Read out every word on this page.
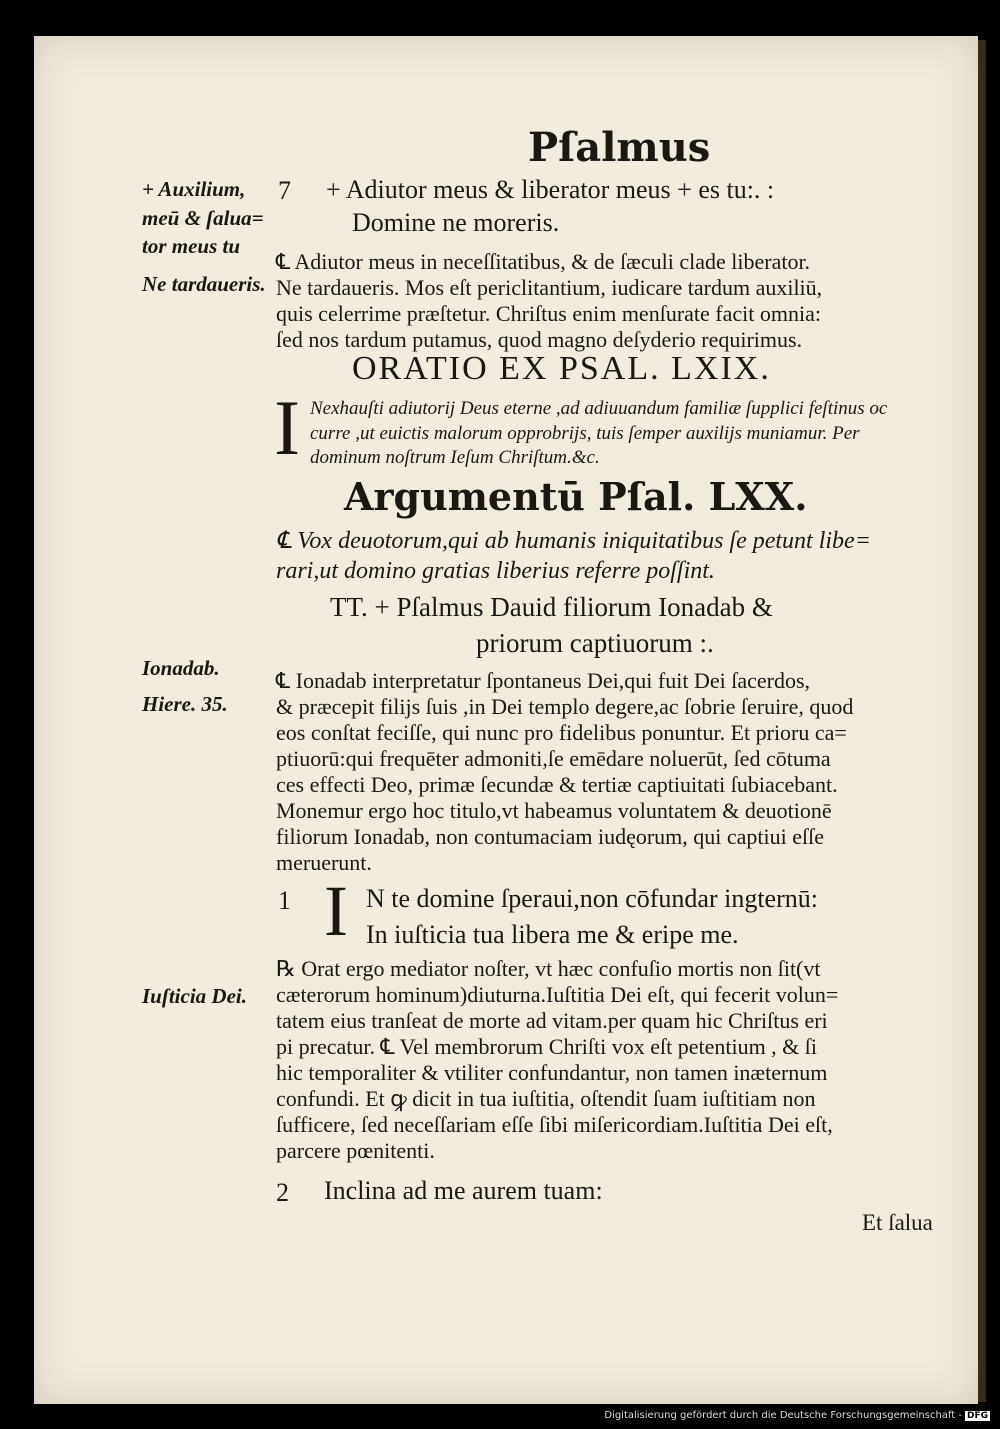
Pſalmus
+ Auxilium,
meū & ſalua=
tor meus tu
Ne tardaueris.
Ionadab.
Hiere. 35.
Iuſticia Dei.
7 + Adiutor meus & liberator meus + es tu:. :
Domine ne moreris.
℄ Adiutor meus in neceſſitatibus, & de ſæculi clade liberator.
Ne tardaueris. Mos eſt periclitantium, iudicare tardum auxiliū,
quis celerrime præſtetur. Chriſtus enim menſurate facit omnia:
ſed nos tardum putamus, quod magno deſyderio requirimus.
ORATIO EX PSAL. LXIX.
I Nexhauſti adiutorij Deus eterne ,ad adiuuandum familiæ ſupplici feſtinus oc
curre ,ut euictis malorum opprobrijs, tuis ſemper auxilijs muniamur. Per
dominum noſtrum Ieſum Chriſtum.&c.
Argumentū Pſal. LXX.
℄ Vox deuotorum,qui ab humanis iniquitatibus ſe petunt libe=
rari,ut domino gratias liberius referre poſſint.
TT. + Pſalmus Dauid filiorum Ionadab &
priorum captiuorum :.
℄ Ionadab interpretatur ſpontaneus Dei,qui fuit Dei ſacerdos,
& præcepit filijs ſuis ,in Dei templo degere,ac ſobrie ſeruire, quod
eos conſtat feciſſe, qui nunc pro fidelibus ponuntur. Et prioru ca=
ptiuorū:qui frequēter admoniti,ſe emēdare noluerūt, ſed cōtuma
ces effecti Deo, primæ ſecundæ & tertiæ captiuitati ſubiacebant.
Monemur ergo hoc titulo,vt habeamus voluntatem & deuotionē
filiorum Ionadab, non contumaciam iudęorum, qui captiui eſſe
meruerunt.
1 I N te domine ſperaui,non cōfundar ingternū:
In iuſticia tua libera me & eripe me.
℞ Orat ergo mediator noſter, vt hæc confuſio mortis non ſit(vt
cæterorum hominum)diuturna.Iuſtitia Dei eſt, qui fecerit volun=
tatem eius tranſeat de morte ad vitam.per quam hic Chriſtus eri
pi precatur. ℄ Vel membrorum Chriſti vox eſt petentium , & ſi
hic temporaliter & vtiliter confundantur, non tamen inæternum
confundi. Et ꝙ dicit in tua iuſtitia, oſtendit ſuam iuſtitiam non
ſufficere, ſed neceſſariam eſſe ſibi miſericordiam.Iuſtitia Dei eſt,
parcere pœnitenti.
2 Inclina ad me aurem tuam:
Et ſalua
Digitalisierung gefördert durch die Deutsche Forschungsgemeinschaft - DFG
